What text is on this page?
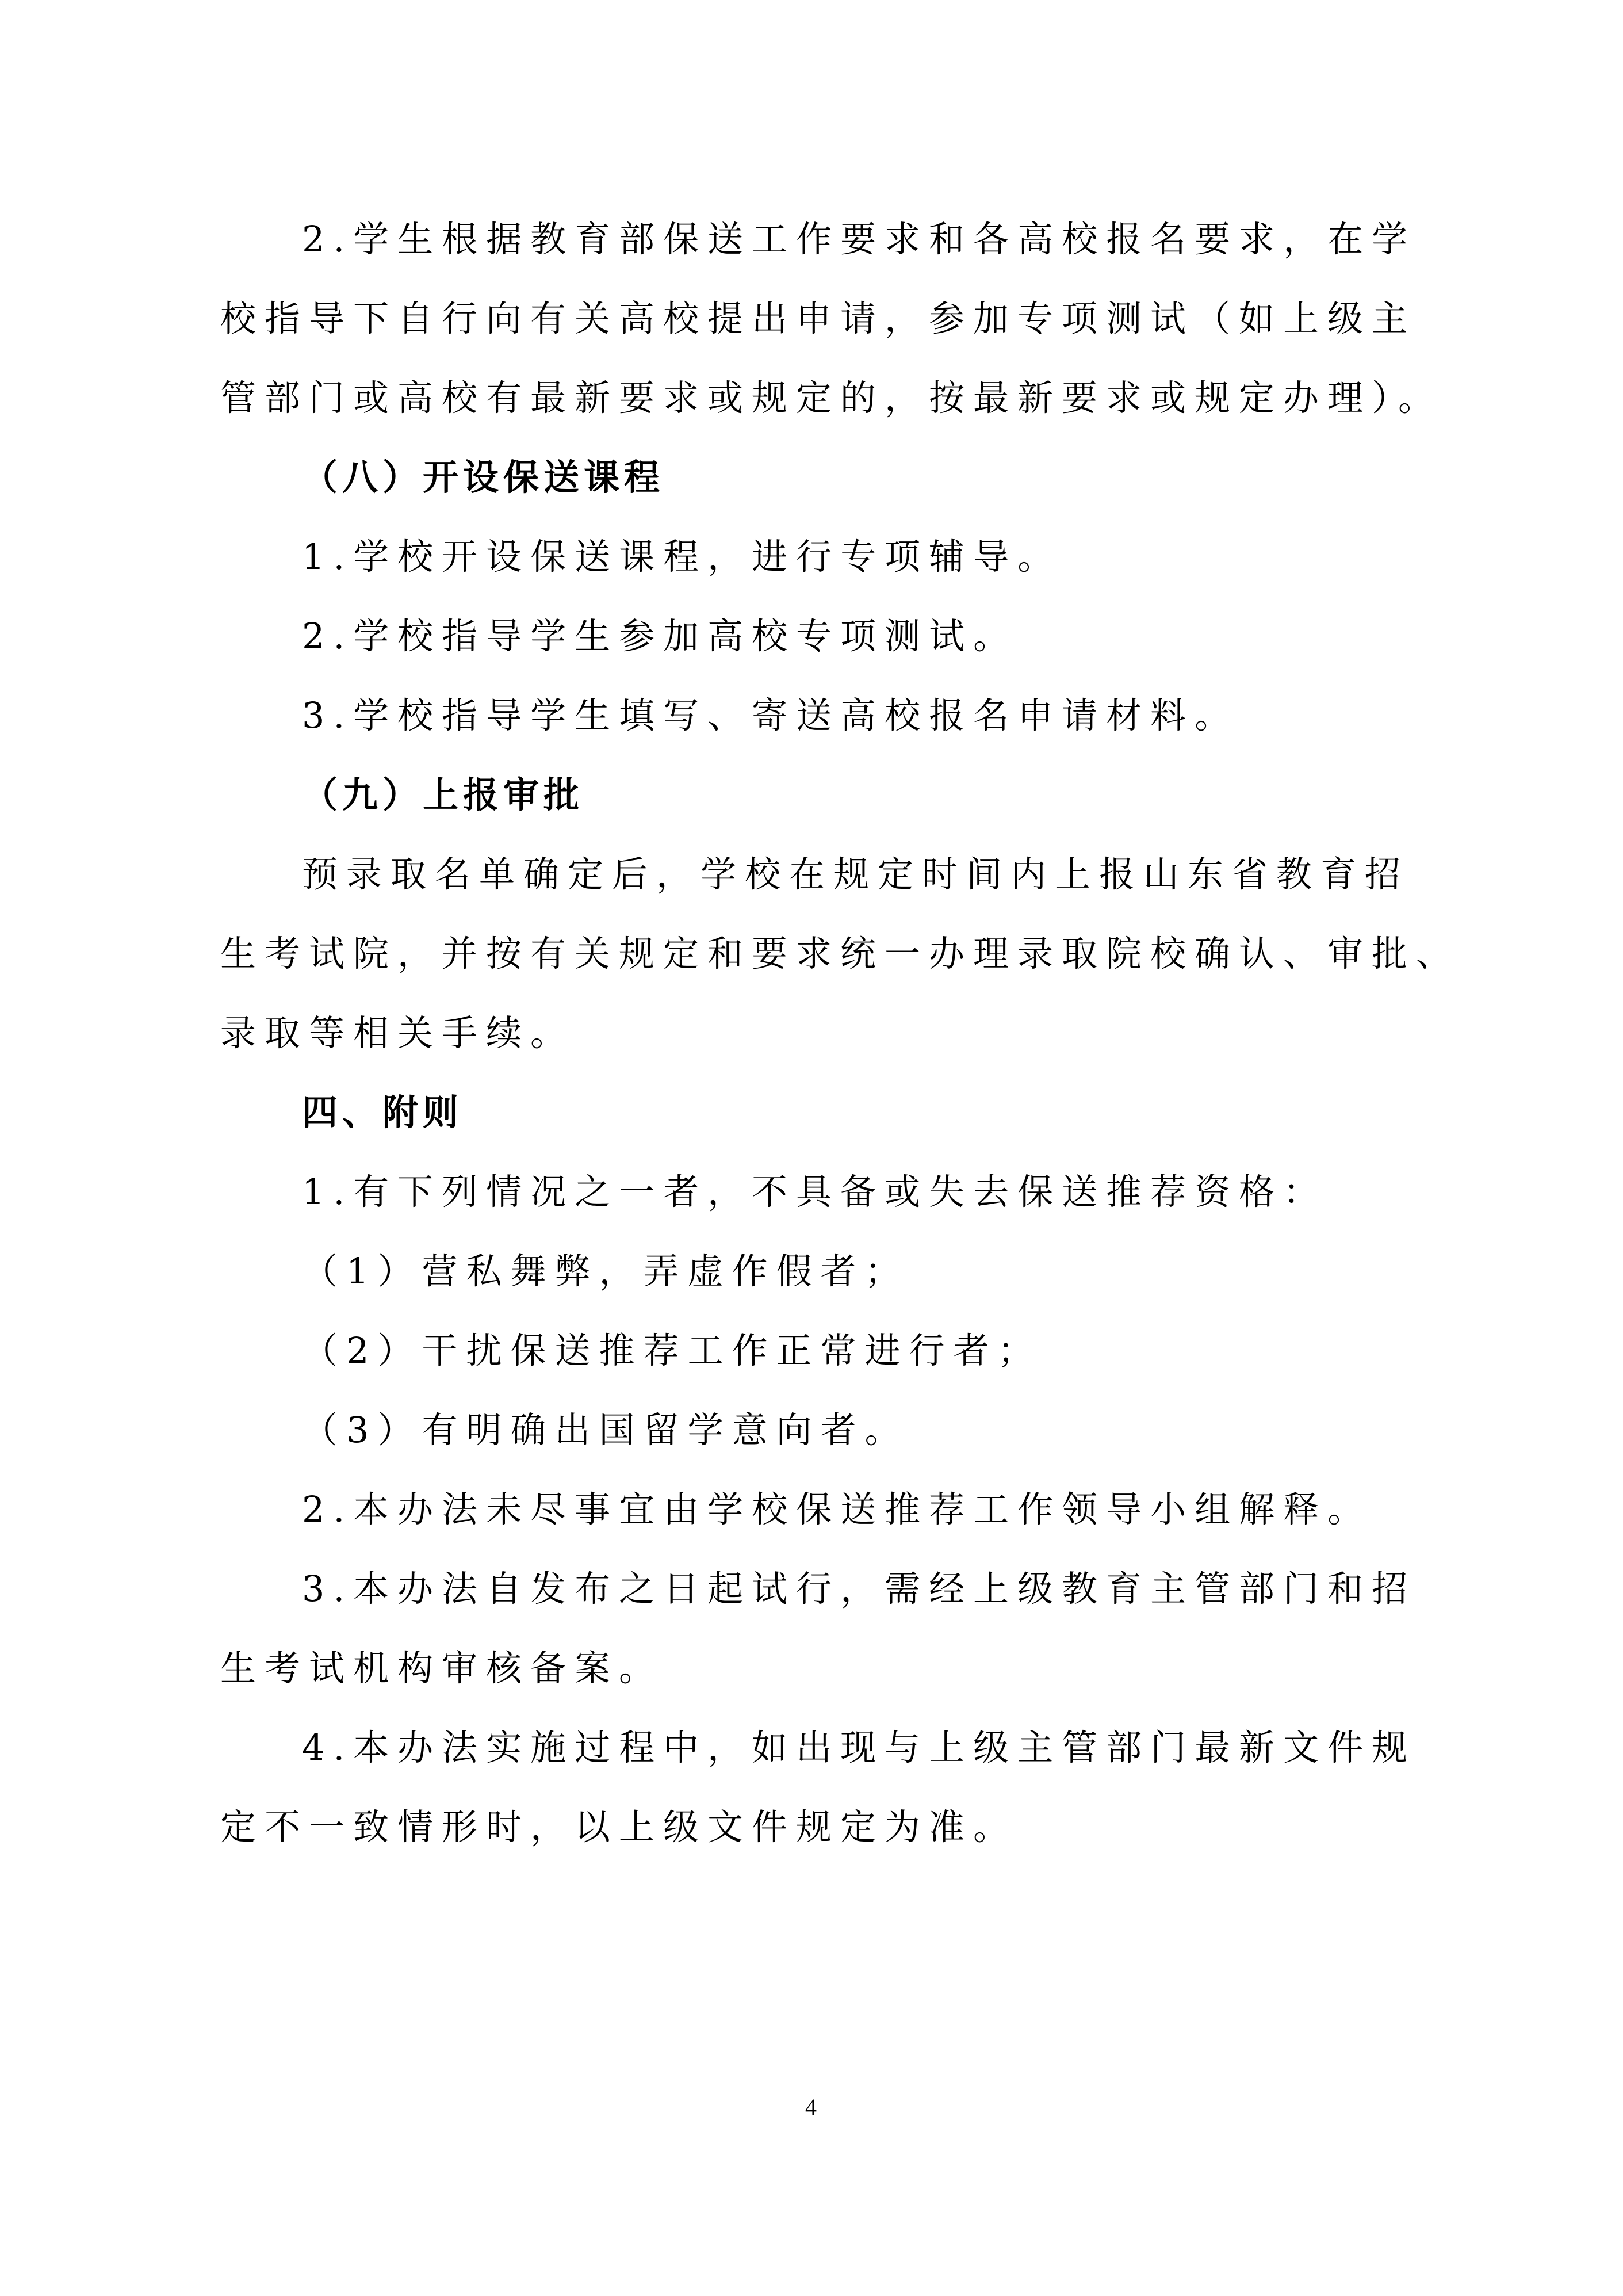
2.学生根据教育部保送工作要求和各高校报名要求，在学
校指导下自行向有关高校提出申请，参加专项测试（如上级主
管部门或高校有最新要求或规定的，按最新要求或规定办理）。
（八）开设保送课程
1.学校开设保送课程，进行专项辅导。
2.学校指导学生参加高校专项测试。
3.学校指导学生填写、寄送高校报名申请材料。
（九）上报审批
预录取名单确定后，学校在规定时间内上报山东省教育招
生考试院，并按有关规定和要求统一办理录取院校确认、审批、
录取等相关手续。
四、附则
1.有下列情况之一者，不具备或失去保送推荐资格：
（1）营私舞弊，弄虚作假者；
（2）干扰保送推荐工作正常进行者；
（3）有明确出国留学意向者。
2.本办法未尽事宜由学校保送推荐工作领导小组解释。
3.本办法自发布之日起试行，需经上级教育主管部门和招
生考试机构审核备案。
4.本办法实施过程中，如出现与上级主管部门最新文件规
定不一致情形时，以上级文件规定为准。
4
